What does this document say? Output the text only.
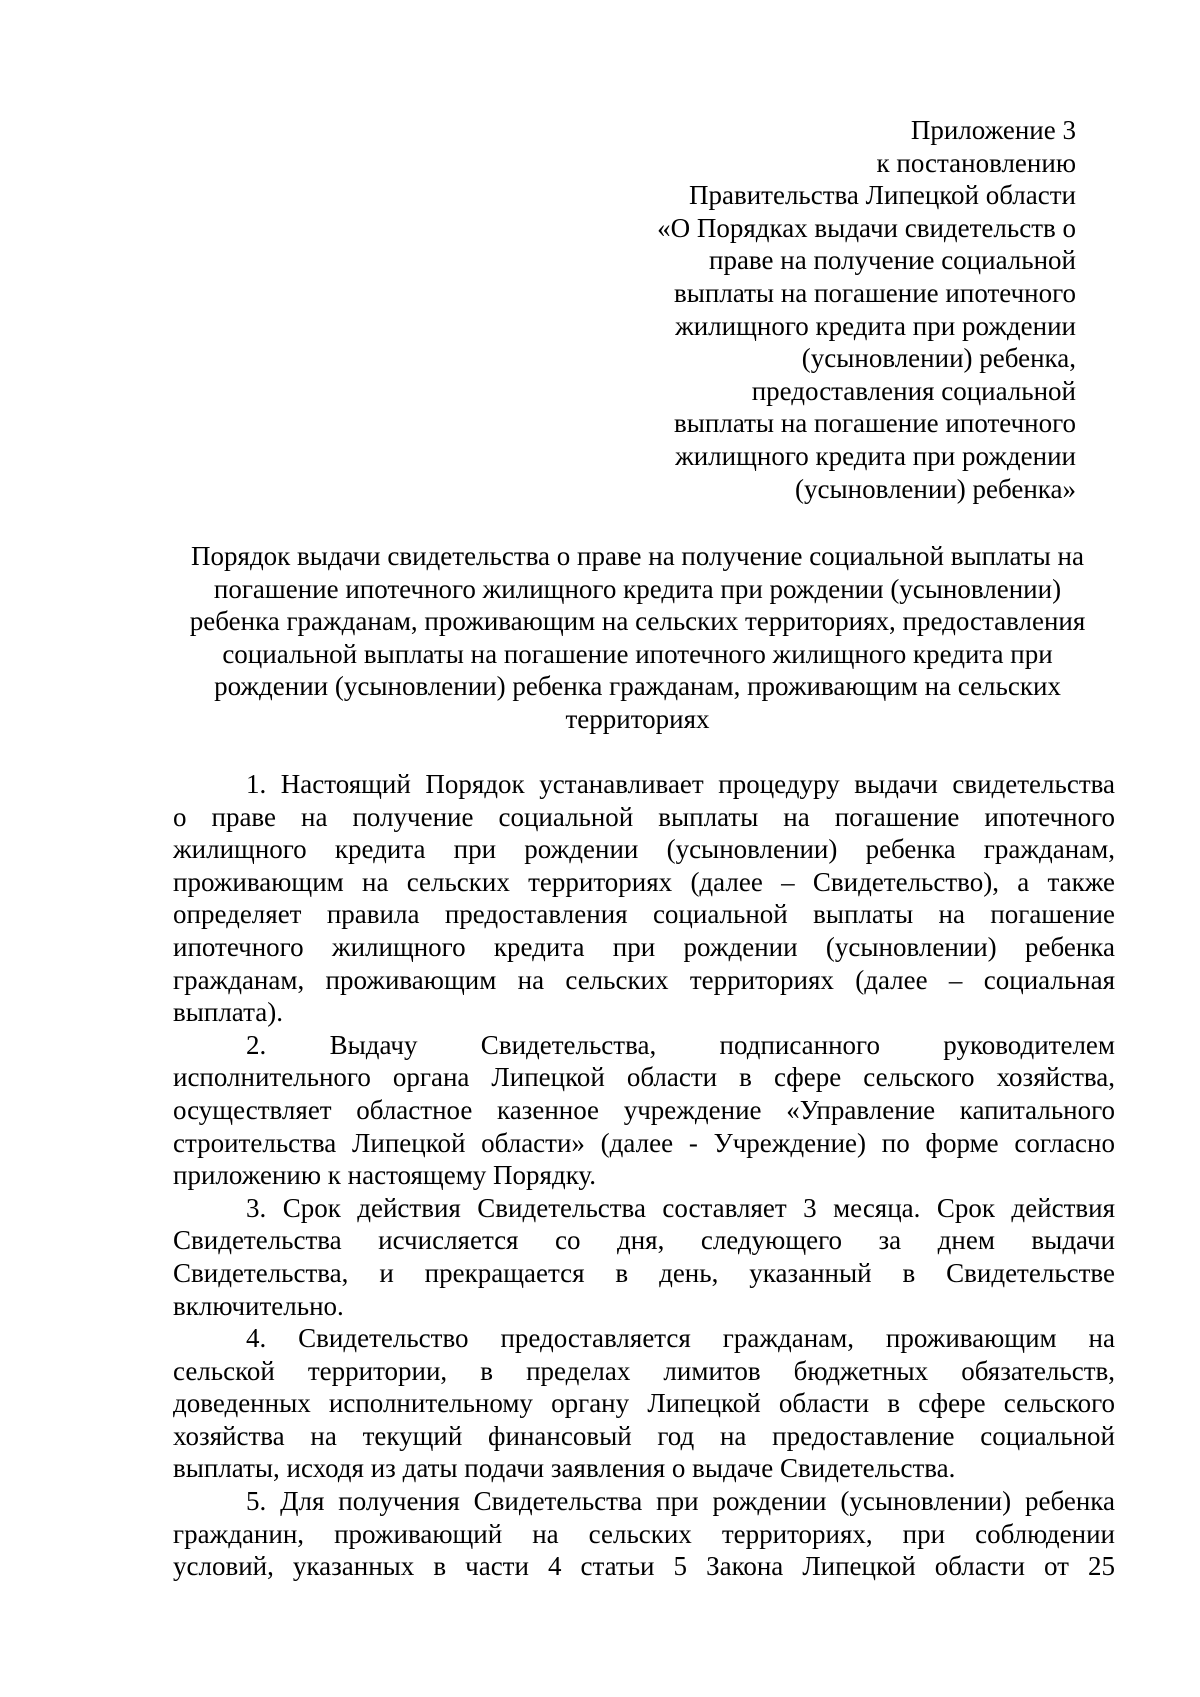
Приложение 3
к постановлению
Правительства Липецкой области
«О Порядках выдачи свидетельств о
праве на получение социальной
выплаты на погашение ипотечного
жилищного кредита при рождении
(усыновлении) ребенка,
предоставления социальной
выплаты на погашение ипотечного
жилищного кредита при рождении
(усыновлении) ребенка»
Порядок выдачи свидетельства о праве на получение социальной выплаты на
погашение ипотечного жилищного кредита при рождении (усыновлении)
ребенка гражданам, проживающим на сельских территориях, предоставления
социальной выплаты на погашение ипотечного жилищного кредита при
рождении (усыновлении) ребенка гражданам, проживающим на сельских
территориях
1. Настоящий Порядок устанавливает процедуру выдачи свидетельства
о праве на получение социальной выплаты на погашение ипотечного
жилищного кредита при рождении (усыновлении) ребенка гражданам,
проживающим на сельских территориях (далее – Свидетельство), а также
определяет правила предоставления социальной выплаты на погашение
ипотечного жилищного кредита при рождении (усыновлении) ребенка
гражданам, проживающим на сельских территориях (далее – социальная
выплата).
2. Выдачу Свидетельства, подписанного руководителем
исполнительного органа Липецкой области в сфере сельского хозяйства,
осуществляет областное казенное учреждение «Управление капитального
строительства Липецкой области» (далее - Учреждение) по форме согласно
приложению к настоящему Порядку.
3. Срок действия Свидетельства составляет 3 месяца. Срок действия
Свидетельства исчисляется со дня, следующего за днем выдачи
Свидетельства, и прекращается в день, указанный в Свидетельстве
включительно.
4. Свидетельство предоставляется гражданам, проживающим на
сельской территории, в пределах лимитов бюджетных обязательств,
доведенных исполнительному органу Липецкой области в сфере сельского
хозяйства на текущий финансовый год на предоставление социальной
выплаты, исходя из даты подачи заявления о выдаче Свидетельства.
5. Для получения Свидетельства при рождении (усыновлении) ребенка
гражданин, проживающий на сельских территориях, при соблюдении
условий, указанных в части 4 статьи 5 Закона Липецкой области от 25
